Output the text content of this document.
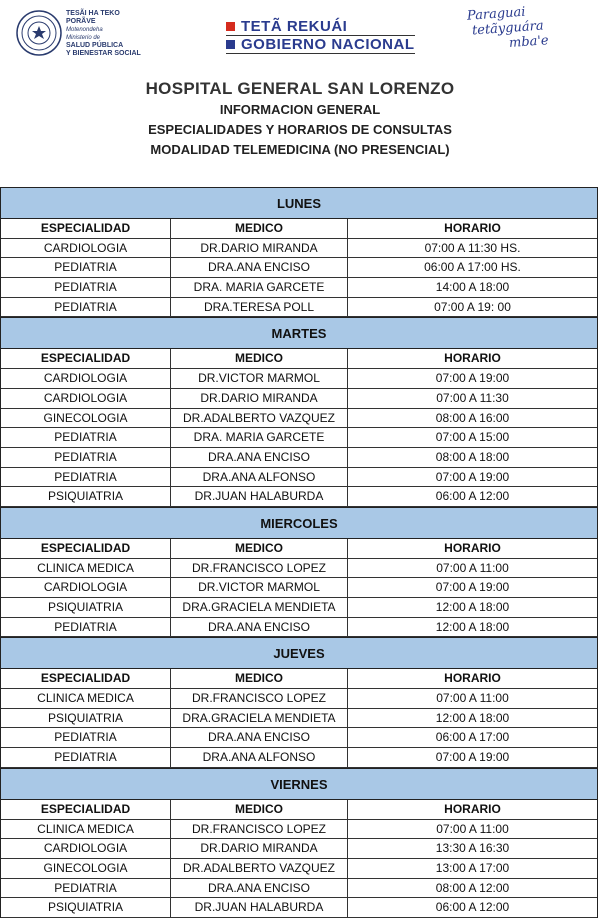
TESÃI HA TEKO
PORÃVE
Motenondeha
Ministerio de
SALUD PÚBLICA
Y BIENESTAR SOCIAL
TETÃ REKUÁI
GOBIERNO NACIONAL
Paraguai
tetãyguára
mba'e
HOSPITAL GENERAL SAN LORENZO
INFORMACION GENERAL
ESPECIALIDADES Y HORARIOS DE CONSULTAS
MODALIDAD TELEMEDICINA (NO PRESENCIAL)
LUNES
ESPECIALIDAD	MEDICO	HORARIO
CARDIOLOGIA	DR.DARIO MIRANDA	07:00 A 11:30 HS.
PEDIATRIA	DRA.ANA ENCISO	06:00 A 17:00 HS.
PEDIATRIA	DRA. MARIA GARCETE	14:00 A 18:00
PEDIATRIA	DRA.TERESA POLL	07:00 A 19: 00
MARTES
ESPECIALIDAD	MEDICO	HORARIO
CARDIOLOGIA	DR.VICTOR MARMOL	07:00 A 19:00
CARDIOLOGIA	DR.DARIO MIRANDA	07:00 A 11:30
GINECOLOGIA	DR.ADALBERTO VAZQUEZ	08:00 A 16:00
PEDIATRIA	DRA. MARIA GARCETE	07:00 A 15:00
PEDIATRIA	DRA.ANA ENCISO	08:00 A 18:00
PEDIATRIA	DRA.ANA ALFONSO	07:00 A 19:00
PSIQUIATRIA	DR.JUAN HALABURDA	06:00 A 12:00
MIERCOLES
ESPECIALIDAD	MEDICO	HORARIO
CLINICA MEDICA	DR.FRANCISCO LOPEZ	07:00 A 11:00
CARDIOLOGIA	DR.VICTOR MARMOL	07:00 A 19:00
PSIQUIATRIA	DRA.GRACIELA MENDIETA	12:00 A 18:00
PEDIATRIA	DRA.ANA ENCISO	12:00 A 18:00
JUEVES
ESPECIALIDAD	MEDICO	HORARIO
CLINICA MEDICA	DR.FRANCISCO LOPEZ	07:00 A 11:00
PSIQUIATRIA	DRA.GRACIELA MENDIETA	12:00 A 18:00
PEDIATRIA	DRA.ANA ENCISO	06:00 A 17:00
PEDIATRIA	DRA.ANA ALFONSO	07:00 A 19:00
VIERNES
ESPECIALIDAD	MEDICO	HORARIO
CLINICA MEDICA	DR.FRANCISCO LOPEZ	07:00 A 11:00
CARDIOLOGIA	DR.DARIO MIRANDA	13:30 A 16:30
GINECOLOGIA	DR.ADALBERTO VAZQUEZ	13:00 A 17:00
PEDIATRIA	DRA.ANA ENCISO	08:00 A 12:00
PSIQUIATRIA	DR.JUAN HALABURDA	06:00 A 12:00
